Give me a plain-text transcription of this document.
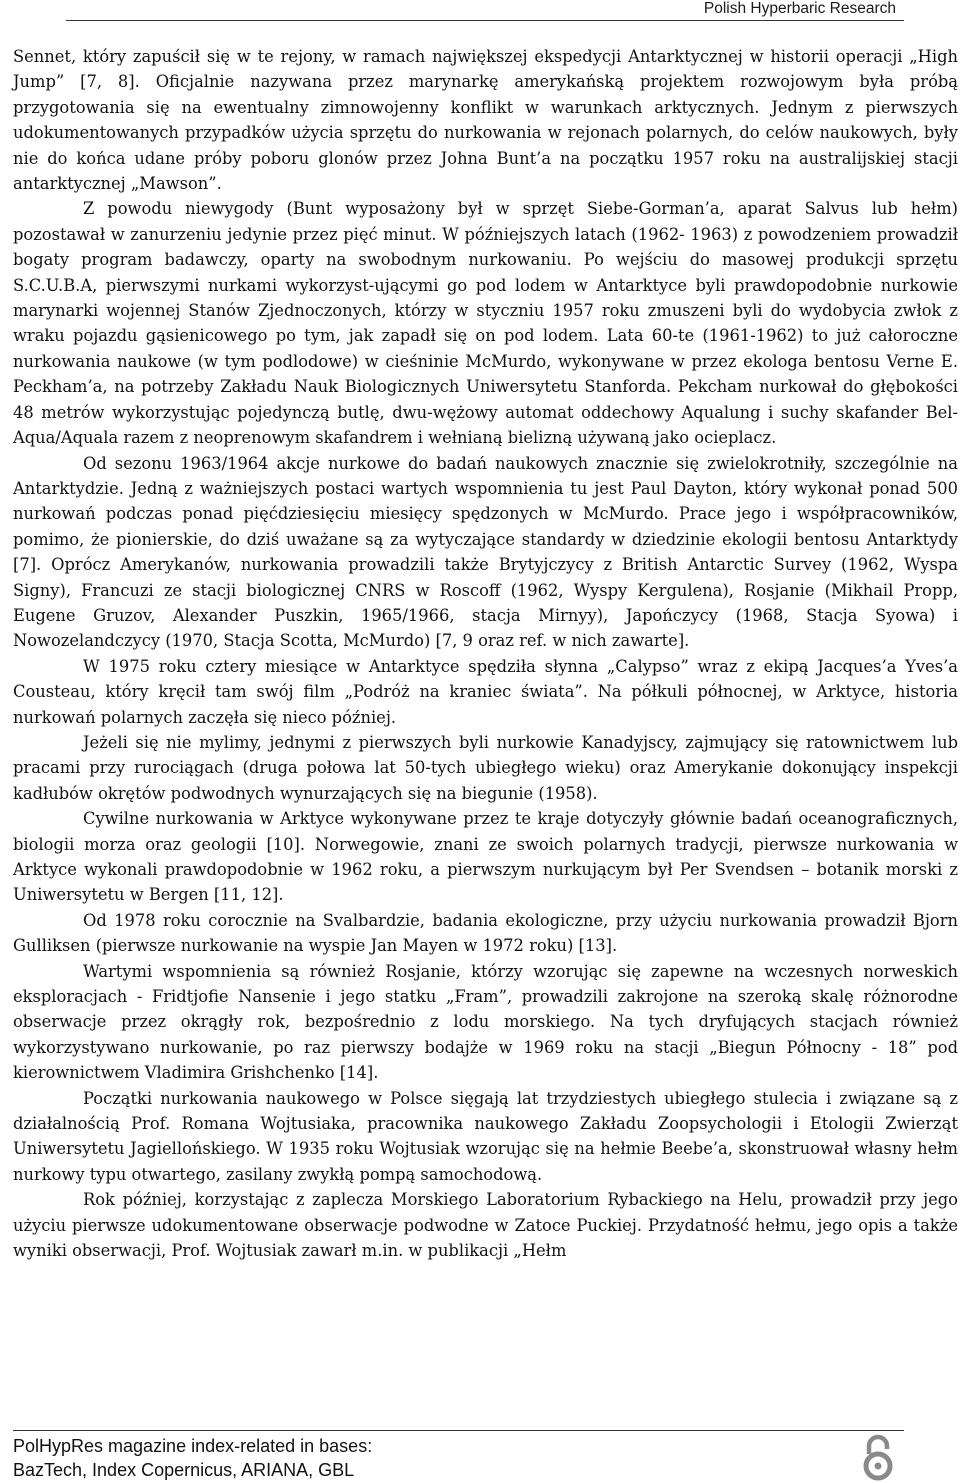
Polish Hyperbaric Research

Sennet, który zapuścił się w te rejony, w ramach największej ekspedycji Antarktycznej w historii operacji „High Jump” [7, 8]. Oficjalnie nazywana przez marynarkę amerykańską projektem rozwojowym była próbą przygotowania się na ewentualny zimnowojenny konflikt w warunkach arktycznych. Jednym z pierwszych udokumentowanych przypadków użycia sprzętu do nurkowania w rejonach polarnych, do celów naukowych, były nie do końca udane próby poboru glonów przez Johna Bunt’a na początku 1957 roku na australijskiej stacji antarktycznej „Mawson”.

Z powodu niewygody (Bunt wyposażony był w sprzęt Siebe-Gorman’a, aparat Salvus lub hełm) pozostawał w zanurzeniu jedynie przez pięć minut. W późniejszych latach (1962- 1963) z powodzeniem prowadził bogaty program badawczy, oparty na swobodnym nurkowaniu. Po wejściu do masowej produkcji sprzętu S.C.U.B.A, pierwszymi nurkami wykorzyst-ującymi go pod lodem w Antarktyce byli prawdopodobnie nurkowie marynarki wojennej Stanów Zjednoczonych, którzy w styczniu 1957 roku zmuszeni byli do wydobycia zwłok z wraku pojazdu gąsienicowego po tym, jak zapadł się on pod lodem. Lata 60-te (1961-1962) to już całoroczne nurkowania naukowe (w tym podlodowe) w cieśninie McMurdo, wykonywane w przez ekologa bentosu Verne E. Peckham’a, na potrzeby Zakładu Nauk Biologicznych Uniwersytetu Stanforda. Pekcham nurkował do głębokości 48 metrów wykorzystując pojedynczą butlę, dwu-wężowy automat oddechowy Aqualung i suchy skafander Bel-Aqua/Aquala razem z neoprenowym skafandrem i wełnianą bielizną używaną jako ocieplacz.

Od sezonu 1963/1964 akcje nurkowe do badań naukowych znacznie się zwielokrotniły, szczególnie na Antarktydzie. Jedną z ważniejszych postaci wartych wspomnienia tu jest Paul Dayton, który wykonał ponad 500 nurkowań podczas ponad pięćdziesięciu miesięcy spędzonych w McMurdo. Prace jego i współpracowników, pomimo, że pionierskie, do dziś uważane są za wytyczające standardy w dziedzinie ekologii bentosu Antarktydy [7]. Oprócz Amerykanów, nurkowania prowadzili także Brytyjczycy z British Antarctic Survey (1962, Wyspa Signy), Francuzi ze stacji biologicznej CNRS w Roscoff (1962, Wyspy Kergulena), Rosjanie (Mikhail Propp, Eugene Gruzov, Alexander Puszkin, 1965/1966, stacja Mirnyy), Japończycy (1968, Stacja Syowa) i Nowozelandczycy (1970, Stacja Scotta, McMurdo) [7, 9 oraz ref. w nich zawarte].

W 1975 roku cztery miesiące w Antarktyce spędziła słynna „Calypso” wraz z ekipą Jacques’a Yves’a Cousteau, który kręcił tam swój film „Podróż na kraniec świata”. Na półkuli północnej, w Arktyce, historia nurkowań polarnych zaczęła się nieco później.

Jeżeli się nie mylimy, jednymi z pierwszych byli nurkowie Kanadyjscy, zajmujący się ratownictwem lub pracami przy rurociągach (druga połowa lat 50-tych ubiegłego wieku) oraz Amerykanie dokonujący inspekcji kadłubów okrętów podwodnych wynurzających się na biegunie (1958).

Cywilne nurkowania w Arktyce wykonywane przez te kraje dotyczyły głównie badań oceanograficznych, biologii morza oraz geologii [10]. Norwegowie, znani ze swoich polarnych tradycji, pierwsze nurkowania w Arktyce wykonali prawdopodobnie w 1962 roku, a pierwszym nurkującym był Per Svendsen – botanik morski z Uniwersytetu w Bergen [11, 12].

Od 1978 roku corocznie na Svalbardzie, badania ekologiczne, przy użyciu nurkowania prowadził Bjorn Gulliksen (pierwsze nurkowanie na wyspie Jan Mayen w 1972 roku) [13].

Wartymi wspomnienia są również Rosjanie, którzy wzorując się zapewne na wczesnych norweskich eksploracjach - Fridtjofie Nansenie i jego statku „Fram”, prowadzili zakrojone na szeroką skalę różnorodne obserwacje przez okrągły rok, bezpośrednio z lodu morskiego. Na tych dryfujących stacjach również wykorzystywano nurkowanie, po raz pierwszy bodajże w 1969 roku na stacji „Biegun Północny - 18” pod kierownictwem Vladimira Grishchenko [14].

Początki nurkowania naukowego w Polsce sięgają lat trzydziestych ubiegłego stulecia i związane są z działalnością Prof. Romana Wojtusiaka, pracownika naukowego Zakładu Zoopsychologii i Etologii Zwierząt Uniwersytetu Jagiellońskiego. W 1935 roku Wojtusiak wzorując się na hełmie Beebe’a, skonstruował własny hełm nurkowy typu otwartego, zasilany zwykłą pompą samochodową.

Rok później, korzystając z zaplecza Morskiego Laboratorium Rybackiego na Helu, prowadził przy jego użyciu pierwsze udokumentowane obserwacje podwodne w Zatoce Puckiej. Przydatność hełmu, jego opis a także wyniki obserwacji, Prof. Wojtusiak zawarł m.in. w publikacji „Hełm

PolHypRes magazine index-related in bases:
BazTech, Index Copernicus, ARIANA, GBL
